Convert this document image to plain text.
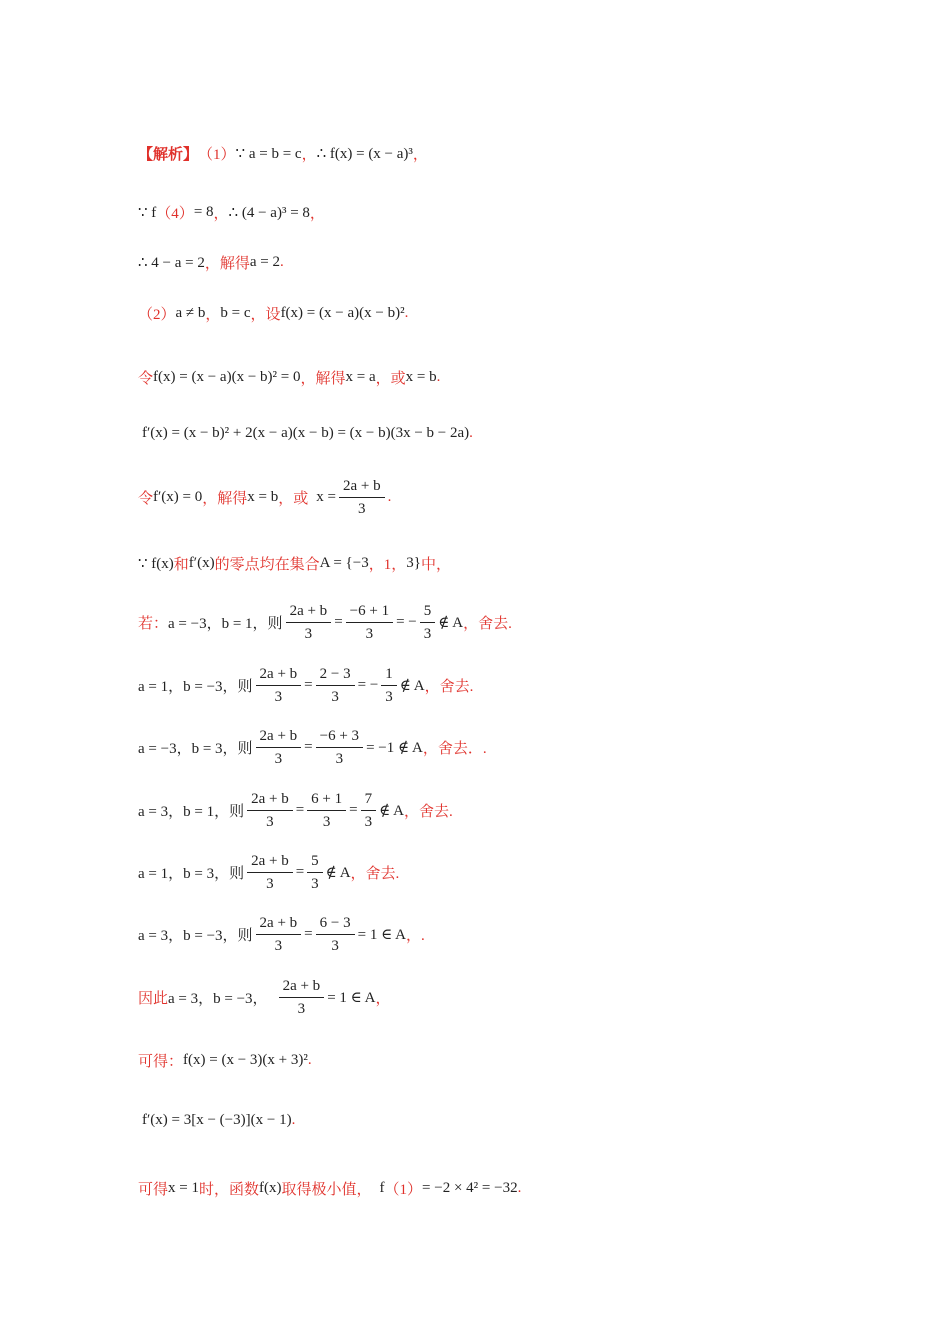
【解析】 （1） ∵ a = b = c ， ∴ f(x) = (x − a)³ ，
∵ f （4） = 8 ， ∴ (4 − a)³ = 8 ，
∴ 4 − a = 2 ，解得 a = 2 .
（2） a ≠ b ， b = c ，设 f(x) = (x − a)(x − b)² .
令 f(x) = (x − a)(x − b)² = 0 ，解得 x = a ，或 x = b .
f′(x) = (x − b)² + 2(x − a)(x − b) = (x − b)(3x − b − 2a) .
令 f′(x) = 0 ，解得 x = b ，或 $x = \frac{2a + b}{3}$ .
∵ f(x) 和 f′(x) 的零点均在集合 A = {−3 ，1， 3} 中，
若： a = −3，b = 1，则 $\frac{2a + b}{3} = \frac{-6 + 1}{3}$ = − $\frac{5}{3}$ ∉ A ，舍去.
a = 1，b = −3，则 $\frac{2a + b}{3} = \frac{2 - 3}{3}$ = − $\frac{1}{3}$ ∉ A ，舍去.
a = −3，b = 3，则 $\frac{2a + b}{3} = \frac{-6 + 3}{3} = -1$ ∉ A ，舍去．.
a = 3，b = 1，则 $\frac{2a + b}{3} = \frac{6 + 1}{3} = \frac{7}{3}$ ∉ A ，舍去.
a = 1，b = 3，则 $\frac{2a + b}{3} = \frac{5}{3}$ ∉ A ，舍去.
a = 3，b = −3，则 $\frac{2a + b}{3} = \frac{6 - 3}{3} = 1$ ∈ A ，.
因此 a = 3，b = −3， $\frac{2a + b}{3} = 1$ ∈ A ，
可得： f(x) = (x − 3)(x + 3)² .
f′(x) = 3[x − (−3)](x − 1) .
可得 x = 1 时，函数 f(x) 取得极小值， f （1） = −2 × 4² = −32 .
